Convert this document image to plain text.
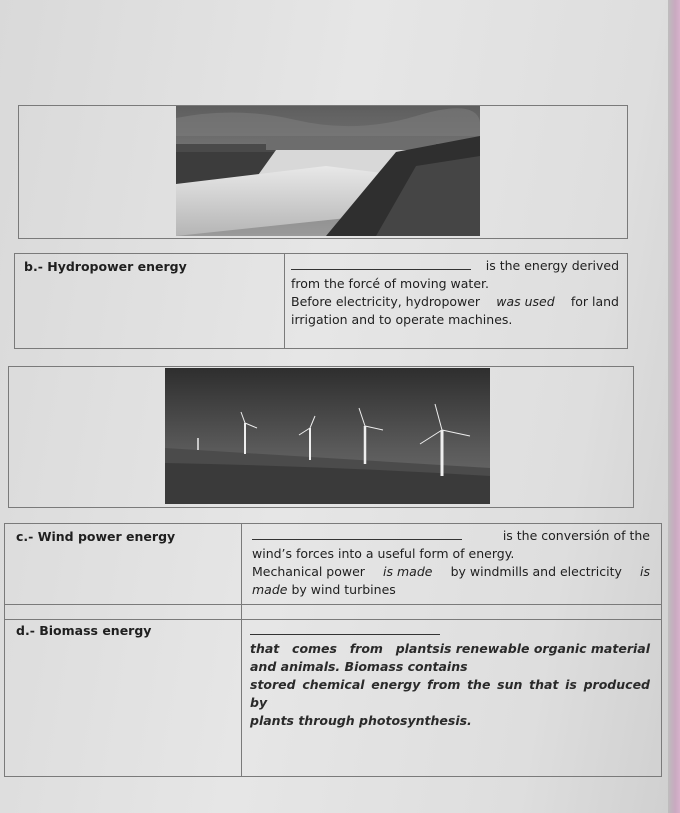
b.- Hydropower energy	is the energy derived

from the forcé of moving water.

Before electricity, hydropower was used for land

irrigation and to operate machines.

c.- Wind power energy	is the conversión of the

wind’s forces into a useful form of energy.

Mechanical power is made by windmills and electricity is

made by wind turbines

d.- Biomass energy

is renewable organic material

that comes from plants and animals. Biomass contains

stored chemical energy from the sun that is produced by

plants through photosynthesis.
